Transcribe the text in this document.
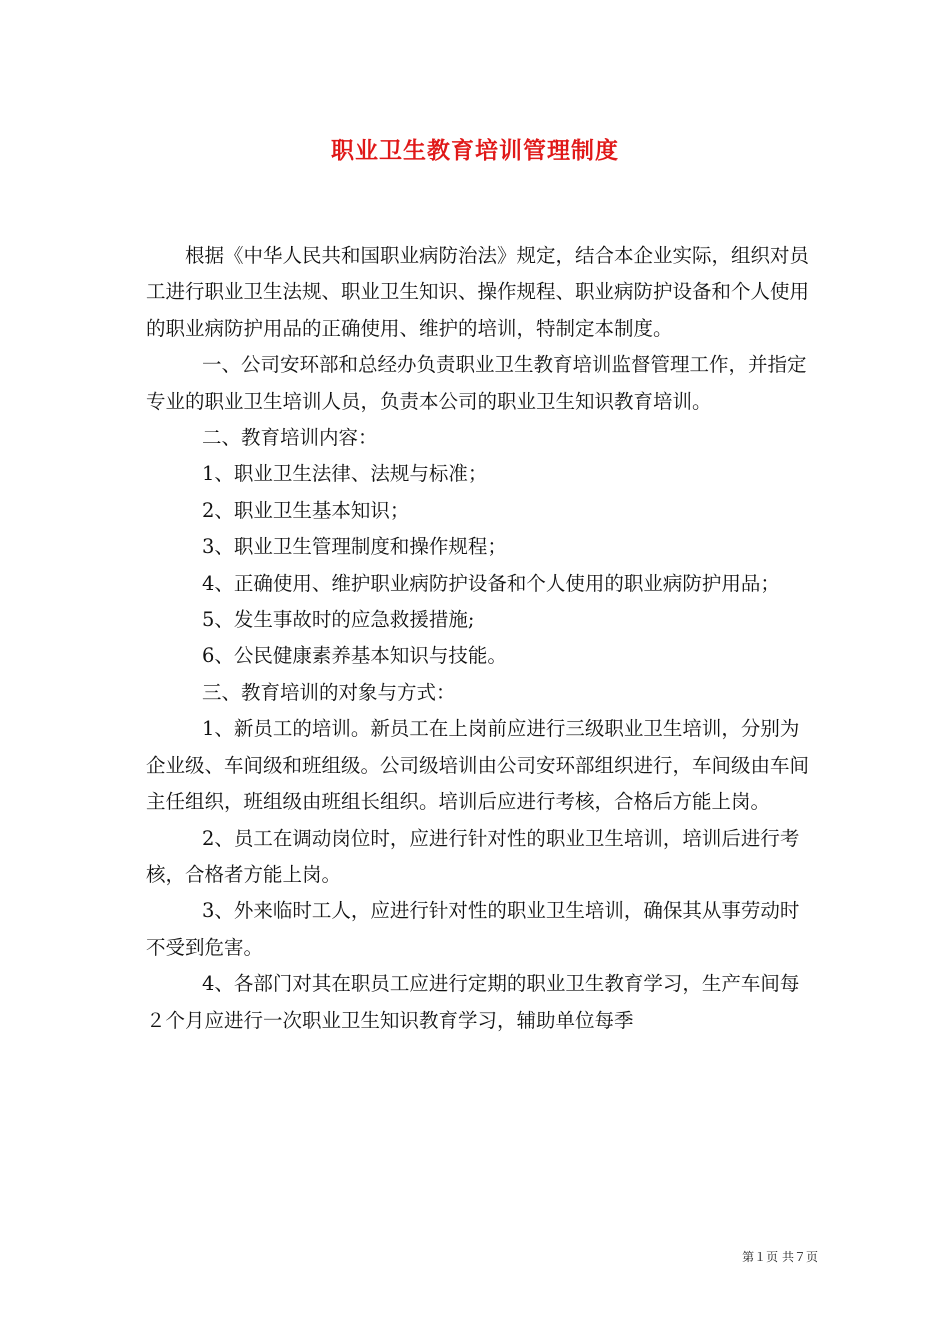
职业卫生教育培训管理制度

根据《中华人民共和国职业病防治法》规定，结合本企业实际，组织对员工进行职业卫生法规、职业卫生知识、操作规程、职业病防护设备和个人使用的职业病防护用品的正确使用、维护的培训，特制定本制度。

一、公司安环部和总经办负责职业卫生教育培训监督管理工作，并指定专业的职业卫生培训人员，负责本公司的职业卫生知识教育培训。

二、教育培训内容：

1、职业卫生法律、法规与标准；

2、职业卫生基本知识；

3、职业卫生管理制度和操作规程；

4、正确使用、维护职业病防护设备和个人使用的职业病防护用品；

5、发生事故时的应急救援措施;

6、公民健康素养基本知识与技能。

三、教育培训的对象与方式：

1、新员工的培训。新员工在上岗前应进行三级职业卫生培训，分别为企业级、车间级和班组级。公司级培训由公司安环部组织进行，车间级由车间主任组织，班组级由班组长组织。培训后应进行考核，合格后方能上岗。

2、员工在调动岗位时，应进行针对性的职业卫生培训，培训后进行考核，合格者方能上岗。

3、外来临时工人，应进行针对性的职业卫生培训，确保其从事劳动时不受到危害。

4、各部门对其在职员工应进行定期的职业卫生教育学习，生产车间每２个月应进行一次职业卫生知识教育学习，辅助单位每季

第１页 共７页
